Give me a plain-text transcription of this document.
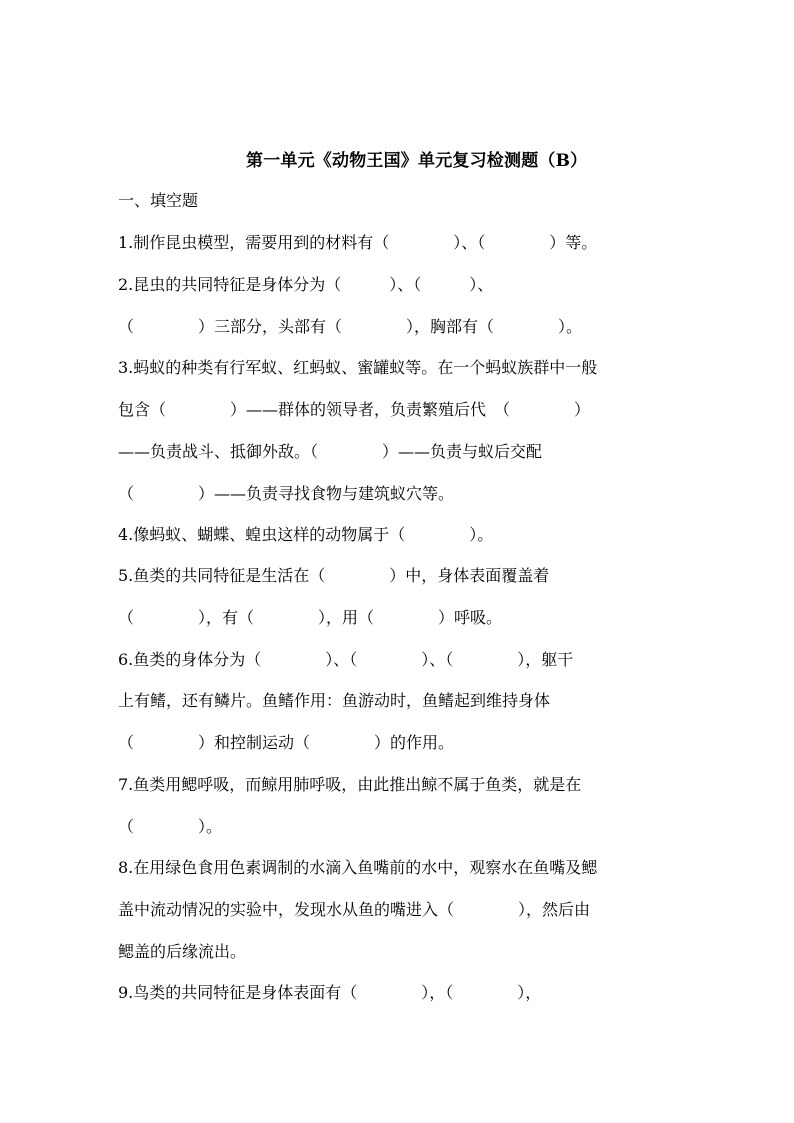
第一单元《动物王国》单元复习检测题（B）
一、填空题
1.制作昆虫模型，需要用到的材料有（　　　　）、（　　　　）等。
2.昆虫的共同特征是身体分为（　　　）、（　　　）、
（　　　　）三部分，头部有（　　　　），胸部有（　　　　）。
3.蚂蚁的种类有行军蚁、红蚂蚁、蜜罐蚁等。在一个蚂蚁族群中一般
包含（　　　　）——群体的领导者，负责繁殖后代　（　　　　）
——负责战斗、抵御外敌。（　　　　）——负责与蚁后交配
（　　　　）——负责寻找食物与建筑蚁穴等。
4.像蚂蚁、蝴蝶、蝗虫这样的动物属于（　　　　）。
5.鱼类的共同特征是生活在（　　　　）中，身体表面覆盖着
（　　　　），有（　　　　），用（　　　　）呼吸。
6.鱼类的身体分为（　　　　）、（　　　　）、（　　　　），躯干
上有鳍，还有鳞片。鱼鳍作用：鱼游动时，鱼鳍起到维持身体
（　　　　）和控制运动（　　　　）的作用。
7.鱼类用鳃呼吸，而鲸用肺呼吸，由此推出鲸不属于鱼类，就是在
（　　　　）。
8.在用绿色食用色素调制的水滴入鱼嘴前的水中，观察水在鱼嘴及鳃
盖中流动情况的实验中，发现水从鱼的嘴进入（　　　　），然后由
鳃盖的后缘流出。
9.鸟类的共同特征是身体表面有（　　　　），（　　　　），
